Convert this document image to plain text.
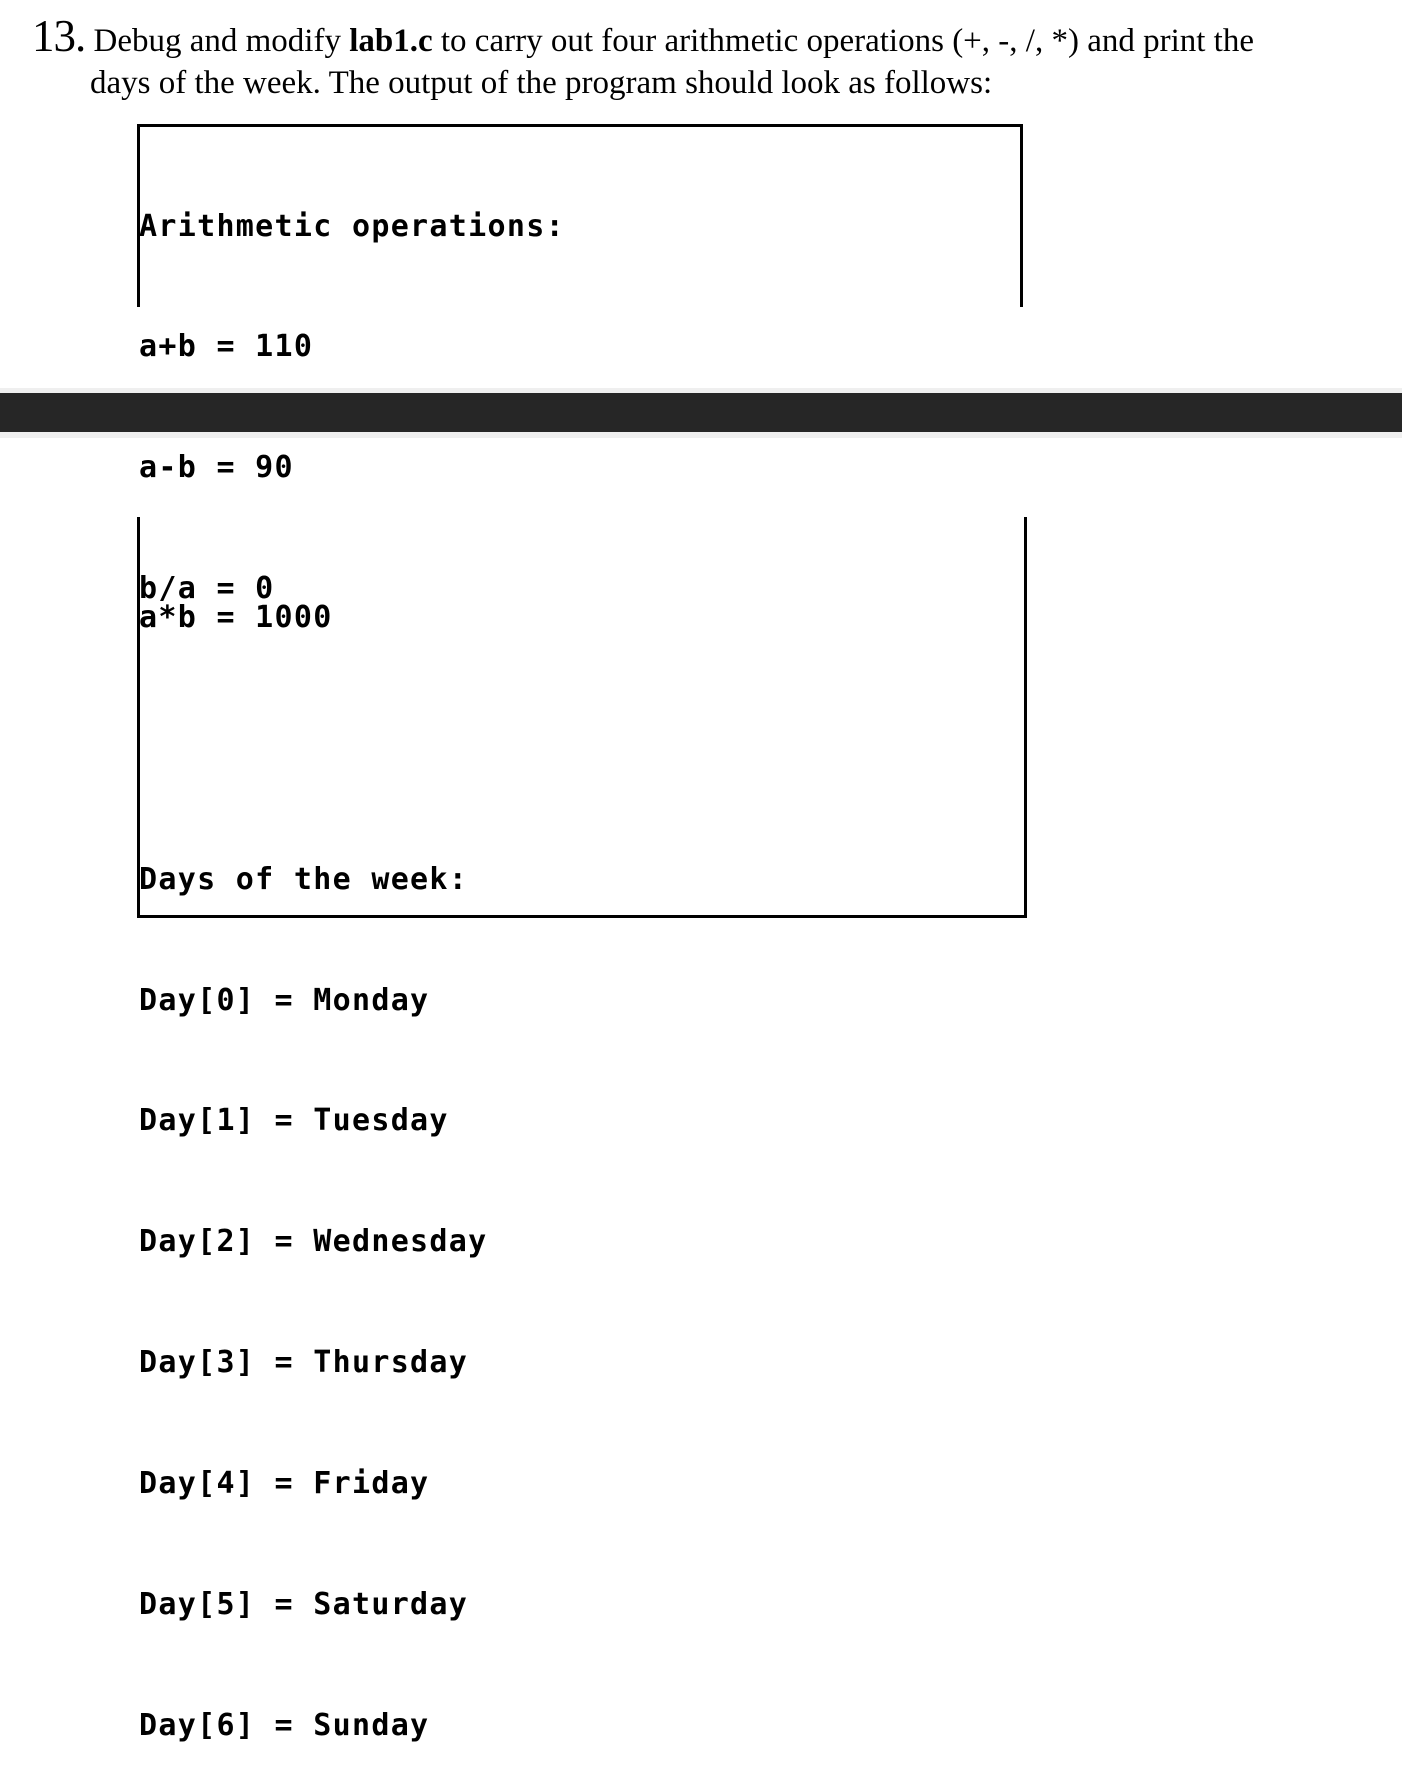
13. Debug and modify lab1.c to carry out four arithmetic operations (+, -, /, *) and print the
days of the week. The output of the program should look as follows:

Arithmetic operations:

a+b = 110

a-b = 90

b/a = 0

a*b = 1000

Days of the week:

Day[0] = Monday

Day[1] = Tuesday

Day[2] = Wednesday

Day[3] = Thursday

Day[4] = Friday

Day[5] = Saturday

Day[6] = Sunday
